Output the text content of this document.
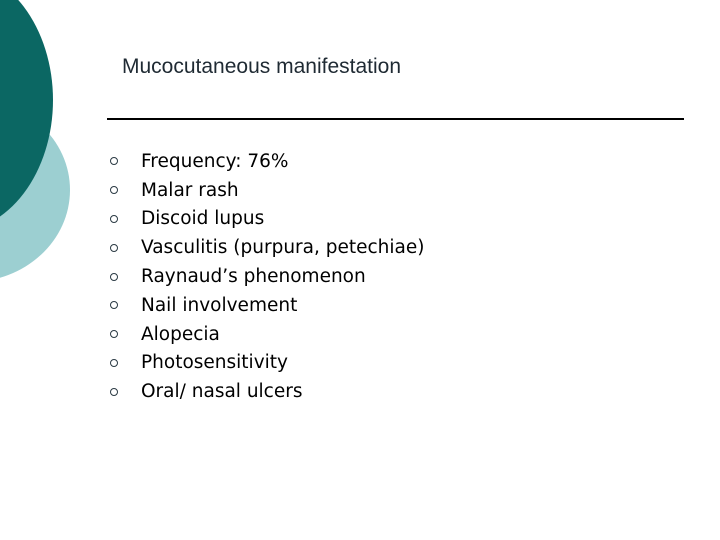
Mucocutaneous manifestation
Frequency: 76%
Malar rash
Discoid lupus
Vasculitis (purpura, petechiae)
Raynaud’s phenomenon
Nail involvement
Alopecia
Photosensitivity
Oral/ nasal ulcers
